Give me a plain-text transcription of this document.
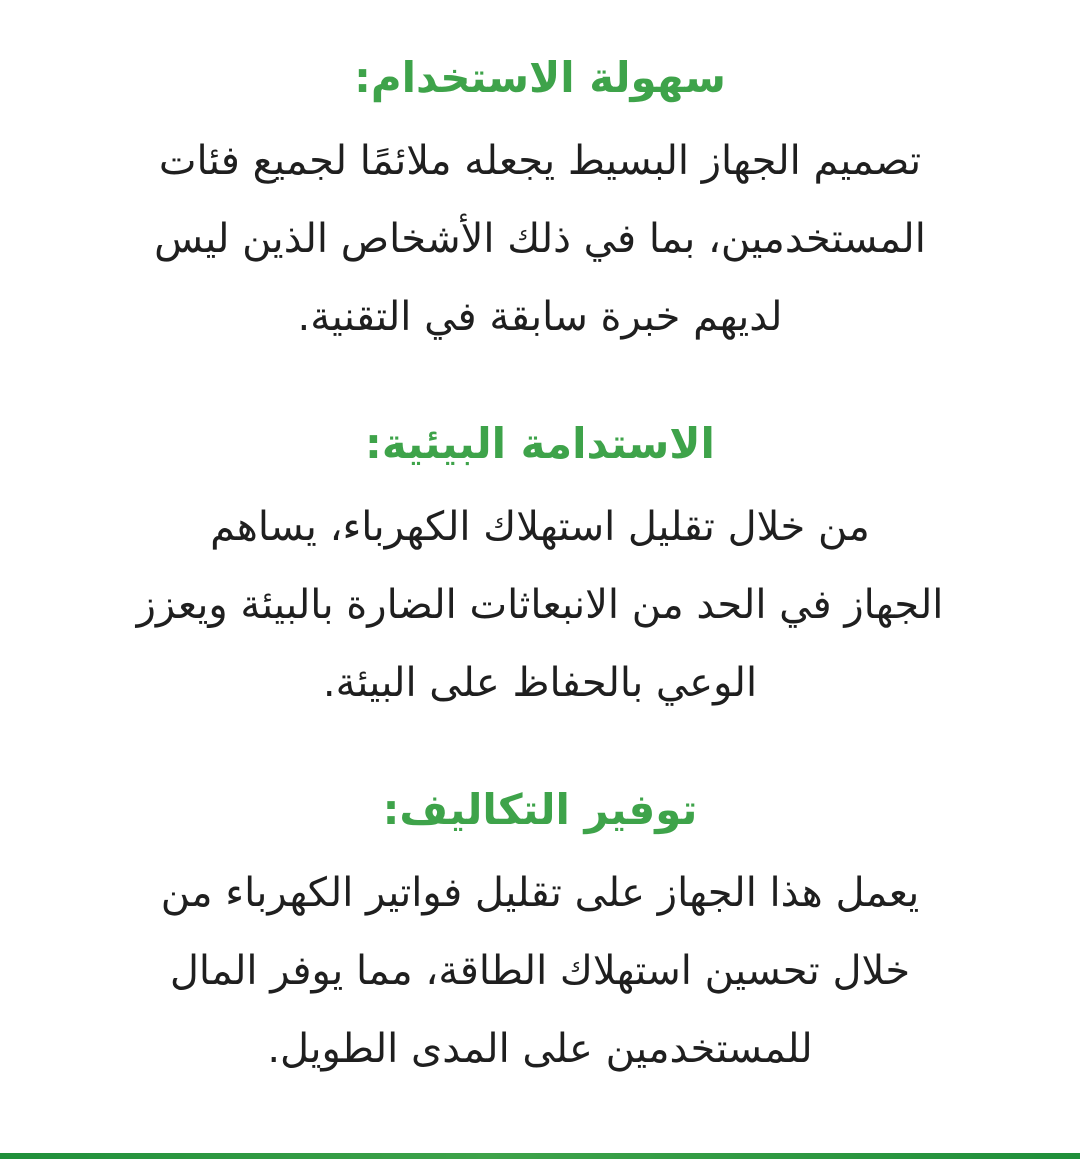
سهولة الاستخدام:
تصميم الجهاز البسيط يجعله ملائمًا لجميع فئات
المستخدمين، بما في ذلك الأشخاص الذين ليس
لديهم خبرة سابقة في التقنية.
الاستدامة البيئية:
من خلال تقليل استهلاك الكهرباء، يساهم
الجهاز في الحد من الانبعاثات الضارة بالبيئة ويعزز
الوعي بالحفاظ على البيئة.
توفير التكاليف:
يعمل هذا الجهاز على تقليل فواتير الكهرباء من
خلال تحسين استهلاك الطاقة، مما يوفر المال
للمستخدمين على المدى الطويل.
